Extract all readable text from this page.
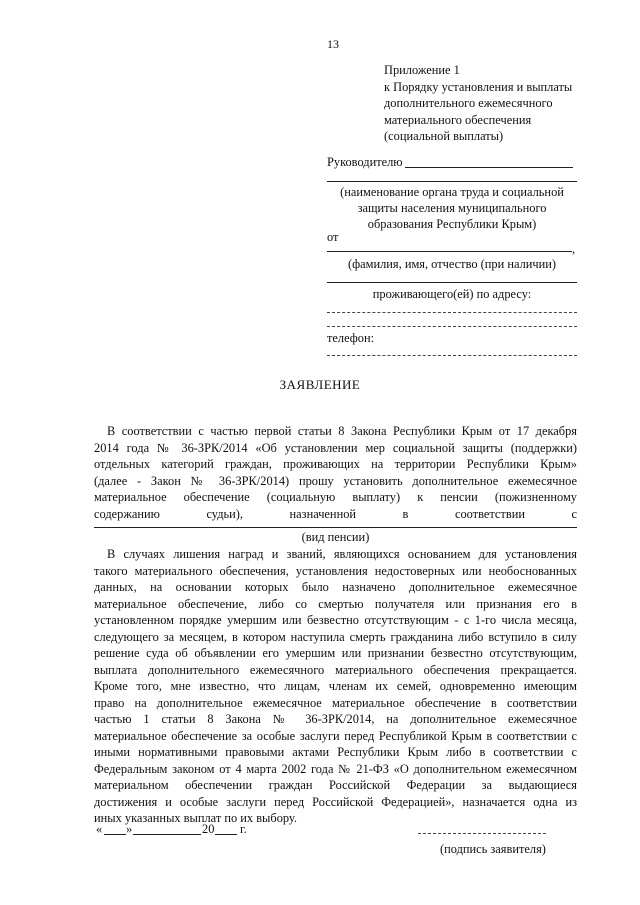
13
Приложение 1
к Порядку установления и выплаты
дополнительного ежемесячного
материального обеспечения
(социальной выплаты)
Руководителю
(наименование органа труда и социальной
защиты населения муниципального
образования Республики Крым)
от
,
(фамилия, имя, отчество (при наличии)
проживающего(ей) по адресу:
телефон:
ЗАЯВЛЕНИЕ
В соответствии с частью первой статьи 8 Закона Республики Крым от 17 декабря
2014 года № 36-ЗРК/2014 «Об установлении мер социальной защиты (поддержки)
отдельных категорий граждан, проживающих на территории Республики Крым»
(далее - Закон № 36-ЗРК/2014) прошу установить дополнительное ежемесячное
материальное обеспечение (социальную выплату) к пенсии (пожизненному
содержанию судьи), назначенной в соответствии с
(вид пенсии)
В случаях лишения наград и званий, являющихся основанием для установления
такого материального обеспечения, установления недостоверных или необоснованных
данных, на основании которых было назначено дополнительное ежемесячное
материальное обеспечение, либо со смертью получателя или признания его в
установленном порядке умершим или безвестно отсутствующим - с 1-го числа месяца,
следующего за месяцем, в котором наступила смерть гражданина либо вступило в силу
решение суда об объявлении его умершим или признании безвестно отсутствующим,
выплата дополнительного ежемесячного материального обеспечения прекращается.
Кроме того, мне известно, что лицам, членам их семей, одновременно имеющим
право на дополнительное ежемесячное материальное обеспечение в соответствии
частью 1 статьи 8 Закона № 36-ЗРК/2014, на дополнительное ежемесячное
материальное обеспечение за особые заслуги перед Республикой Крым в соответствии с
иными нормативными правовыми актами Республики Крым либо в соответствии с
Федеральным законом от 4 марта 2002 года № 21-ФЗ «О дополнительном ежемесячном
материальном обеспечении граждан Российской Федерации за выдающиеся
достижения и особые заслуги перед Российской Федерацией», назначается одна из
иных указанных выплат по их выбору.
« »	20 г.
(подпись заявителя)
